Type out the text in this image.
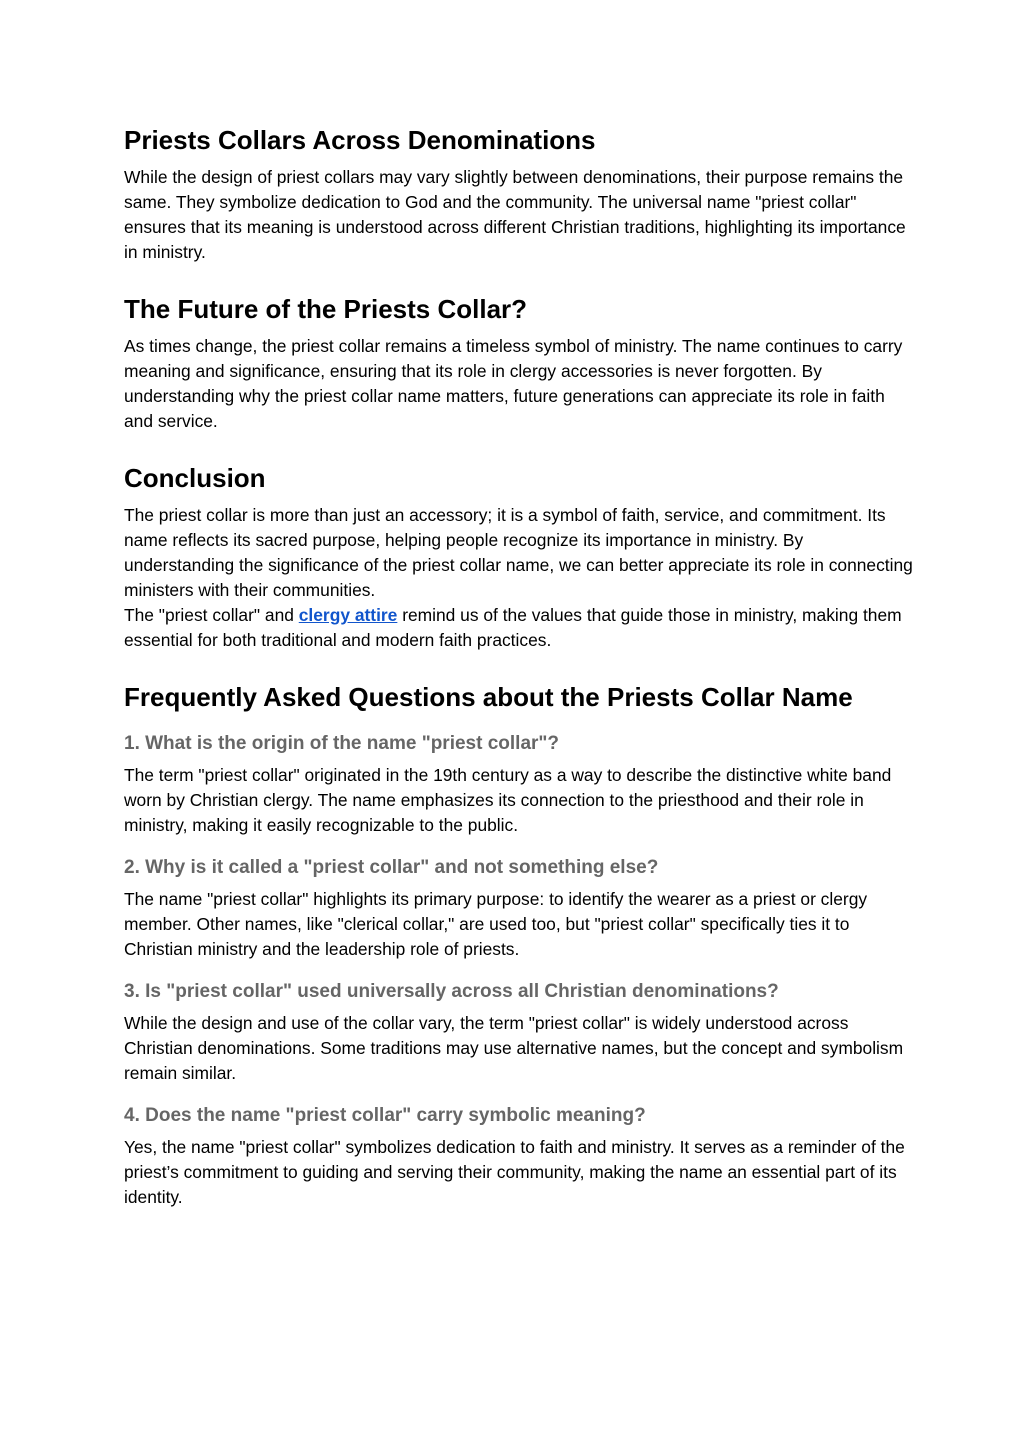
Priests Collars Across Denominations

While the design of priest collars may vary slightly between denominations, their purpose remains the same. They symbolize dedication to God and the community. The universal name "priest collar" ensures that its meaning is understood across different Christian traditions, highlighting its importance in ministry.

The Future of the Priests Collar?

As times change, the priest collar remains a timeless symbol of ministry. The name continues to carry meaning and significance, ensuring that its role in clergy accessories is never forgotten. By understanding why the priest collar name matters, future generations can appreciate its role in faith and service.

Conclusion

The priest collar is more than just an accessory; it is a symbol of faith, service, and commitment. Its name reflects its sacred purpose, helping people recognize its importance in ministry. By understanding the significance of the priest collar name, we can better appreciate its role in connecting ministers with their communities.

The "priest collar" and clergy attire remind us of the values that guide those in ministry, making them essential for both traditional and modern faith practices.

Frequently Asked Questions about the Priests Collar Name
1. What is the origin of the name "priest collar"?

The term "priest collar" originated in the 19th century as a way to describe the distinctive white band worn by Christian clergy. The name emphasizes its connection to the priesthood and their role in ministry, making it easily recognizable to the public.

2. Why is it called a "priest collar" and not something else?

The name "priest collar" highlights its primary purpose: to identify the wearer as a priest or clergy member. Other names, like "clerical collar," are used too, but "priest collar" specifically ties it to Christian ministry and the leadership role of priests.

3. Is "priest collar" used universally across all Christian denominations?

While the design and use of the collar vary, the term "priest collar" is widely understood across Christian denominations. Some traditions may use alternative names, but the concept and symbolism remain similar.

4. Does the name "priest collar" carry symbolic meaning?

Yes, the name "priest collar" symbolizes dedication to faith and ministry. It serves as a reminder of the priest’s commitment to guiding and serving their community, making the name an essential part of its identity.
